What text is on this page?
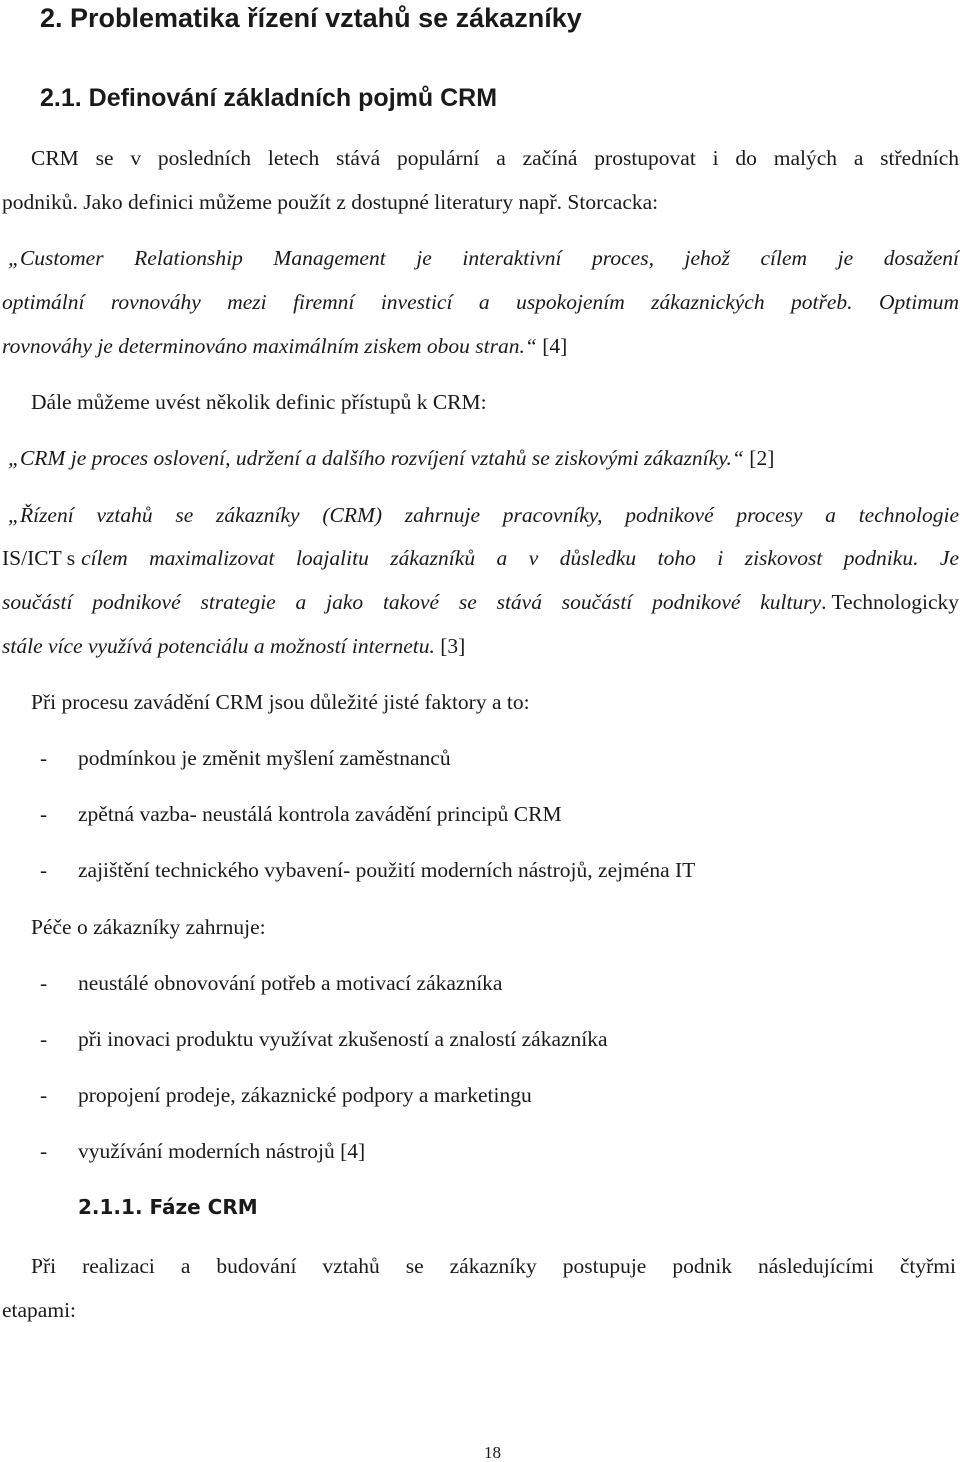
2. Problematika řízení vztahů se zákazníky
2.1. Definování základních pojmů CRM
CRM se v posledních letech stává populární a začíná prostupovat i do malých a středních
podniků. Jako definici můžeme použít z dostupné literatury např. Storcacka:
„Customer Relationship Management je interaktivní proces, jehož cílem je dosažení
optimální rovnováhy mezi firemní investicí a uspokojením zákaznických potřeb. Optimum
rovnováhy je determinováno maximálním ziskem obou stran.“ [4]
Dále můžeme uvést několik definic přístupů k CRM:
„CRM je proces oslovení, udržení a dalšího rozvíjení vztahů se ziskovými zákazníky.“ [2]
„Řízení vztahů se zákazníky (CRM) zahrnuje pracovníky, podnikové procesy a technologie
IS/ICT s cílem maximalizovat loajalitu zákazníků a v důsledku toho i ziskovost podniku. Je
součástí podnikové strategie a jako takové se stává součástí podnikové kultury . Technologicky
stále více využívá potenciálu a možností internetu. [3]
Při procesu zavádění CRM jsou důležité jisté faktory a to:
- podmínkou je změnit myšlení zaměstnanců
- zpětná vazba- neustálá kontrola zavádění principů CRM
- zajištění technického vybavení- použití moderních nástrojů, zejména IT
Péče o zákazníky zahrnuje:
- neustálé obnovování potřeb a motivací zákazníka
- při inovaci produktu využívat zkušeností a znalostí zákazníka
- propojení prodeje, zákaznické podpory a marketingu
- využívání moderních nástrojů [4]
2.1.1. Fáze CRM
Při realizaci a budování vztahů se zákazníky postupuje podnik následujícími čtyřmi
etapami:
18
